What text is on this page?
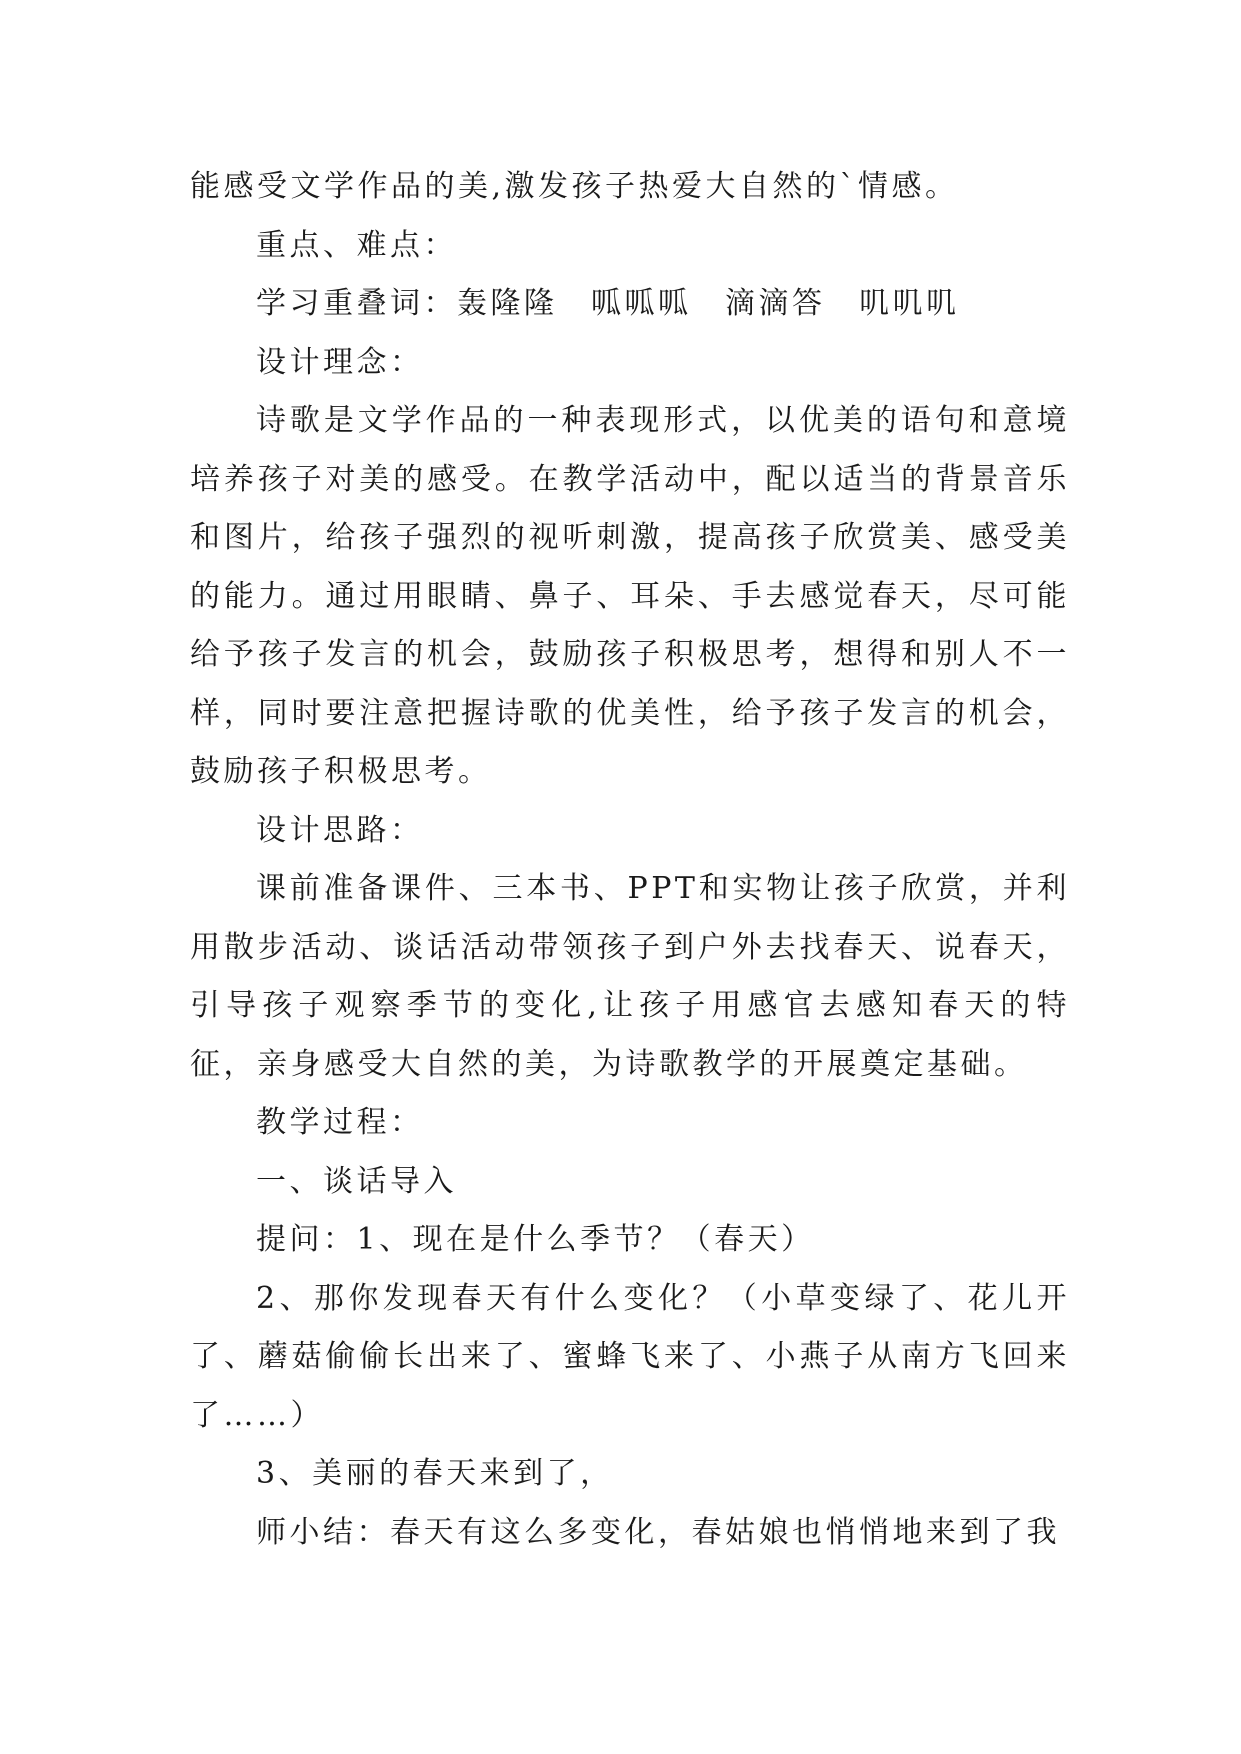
能感受文学作品的美,激发孩子热爱大自然的`情感。

重点、难点：

学习重叠词：轰隆隆　呱呱呱　滴滴答　叽叽叽

设计理念：

诗歌是文学作品的一种表现形式，以优美的语句和意境培养孩子对美的感受。在教学活动中，配以适当的背景音乐和图片，给孩子强烈的视听刺激，提高孩子欣赏美、感受美的能力。通过用眼睛、鼻子、耳朵、手去感觉春天，尽可能给予孩子发言的机会，鼓励孩子积极思考，想得和别人不一样，同时要注意把握诗歌的优美性，给予孩子发言的机会，鼓励孩子积极思考。

设计思路：

课前准备课件、三本书、PPT和实物让孩子欣赏，并利用散步活动、谈话活动带领孩子到户外去找春天、说春天，引导孩子观察季节的变化,让孩子用感官去感知春天的特征，亲身感受大自然的美，为诗歌教学的开展奠定基础。

教学过程：

一、谈话导入

提问：1、现在是什么季节？（春天）

2、那你发现春天有什么变化？（小草变绿了、花儿开了、蘑菇偷偷长出来了、蜜蜂飞来了、小燕子从南方飞回来了……）

3、美丽的春天来到了，

师小结：春天有这么多变化，春姑娘也悄悄地来到了我
